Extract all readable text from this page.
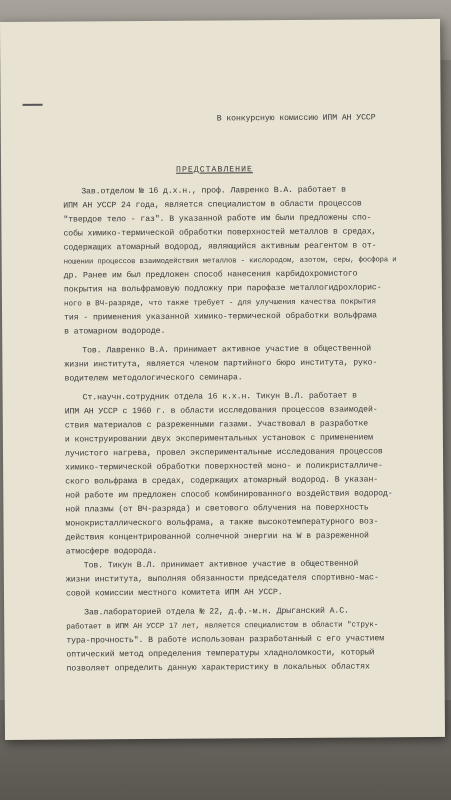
В конкурсную комиссию ИПМ АН УССР
ПРЕДСТАВЛЕНИЕ
Зав.отделом № 16 д.х.н., проф. Лавренко В.А. работает в
ИПМ АН УССР 24 года, является специалистом в области процессов
"твердое тело - газ". В указанной работе им были предложены спо-
собы химико-термической обработки поверхностей металлов в средах,
содержащих атомарный водород, являющийся активным реагентом в от-
ношении процессов взаимодействия металлов - кислородом, азотом, серы, фосфора и
др. Ранее им был предложен способ нанесения карбидохромистого
покрытия на вольфрамовую подложку при парофазе металлогидрохлорис-
ного в ВЧ-разряде, что также требует - для улучшения качества покрытия
тия - применения указанной химико-термической обработки вольфрама
в атомарном водороде.
Тов. Лавренко В.А. принимает активное участие в общественной
жизни института, является членом партийного бюро института, руко-
водителем методологического семинара.
Ст.научн.сотрудник отдела 16 к.х.н. Тикун В.Л. работает в
ИПМ АН УССР с 1960 г. в области исследования процессов взаимодей-
ствия материалов с разреженными газами. Участвовал в разработке
и конструировании двух экспериментальных установок с применением
лучистого нагрева, провел экспериментальные исследования процессов
химико-термической обработки поверхностей моно- и поликристалличе-
ского вольфрама в средах, содержащих атомарный водород. В указан-
ной работе им предложен способ комбинированного воздействия водород-
ной плазмы (от ВЧ-разряда) и светового облучения на поверхность
монокристаллического вольфрама, а также высокотемпературного воз-
действия концентрированной солнечной энергии на W в разреженной
атмосфере водорода.
Тов. Тикун В.Л. принимает активное участие в общественной
жизни института, выполняя обязанности председателя спортивно-мас-
совой комиссии местного комитета ИПМ АН УССР.
Зав.лабораторией отдела № 22, д.ф.-м.н. Дрыганский А.С.
работает в ИПМ АН УССР 17 лет, является специалистом в области "струк-
тура-прочность". В работе использован разработанный с его участием
оптический метод определения температуры хладноломкости, который
позволяет определить данную характеристику в локальных областях
